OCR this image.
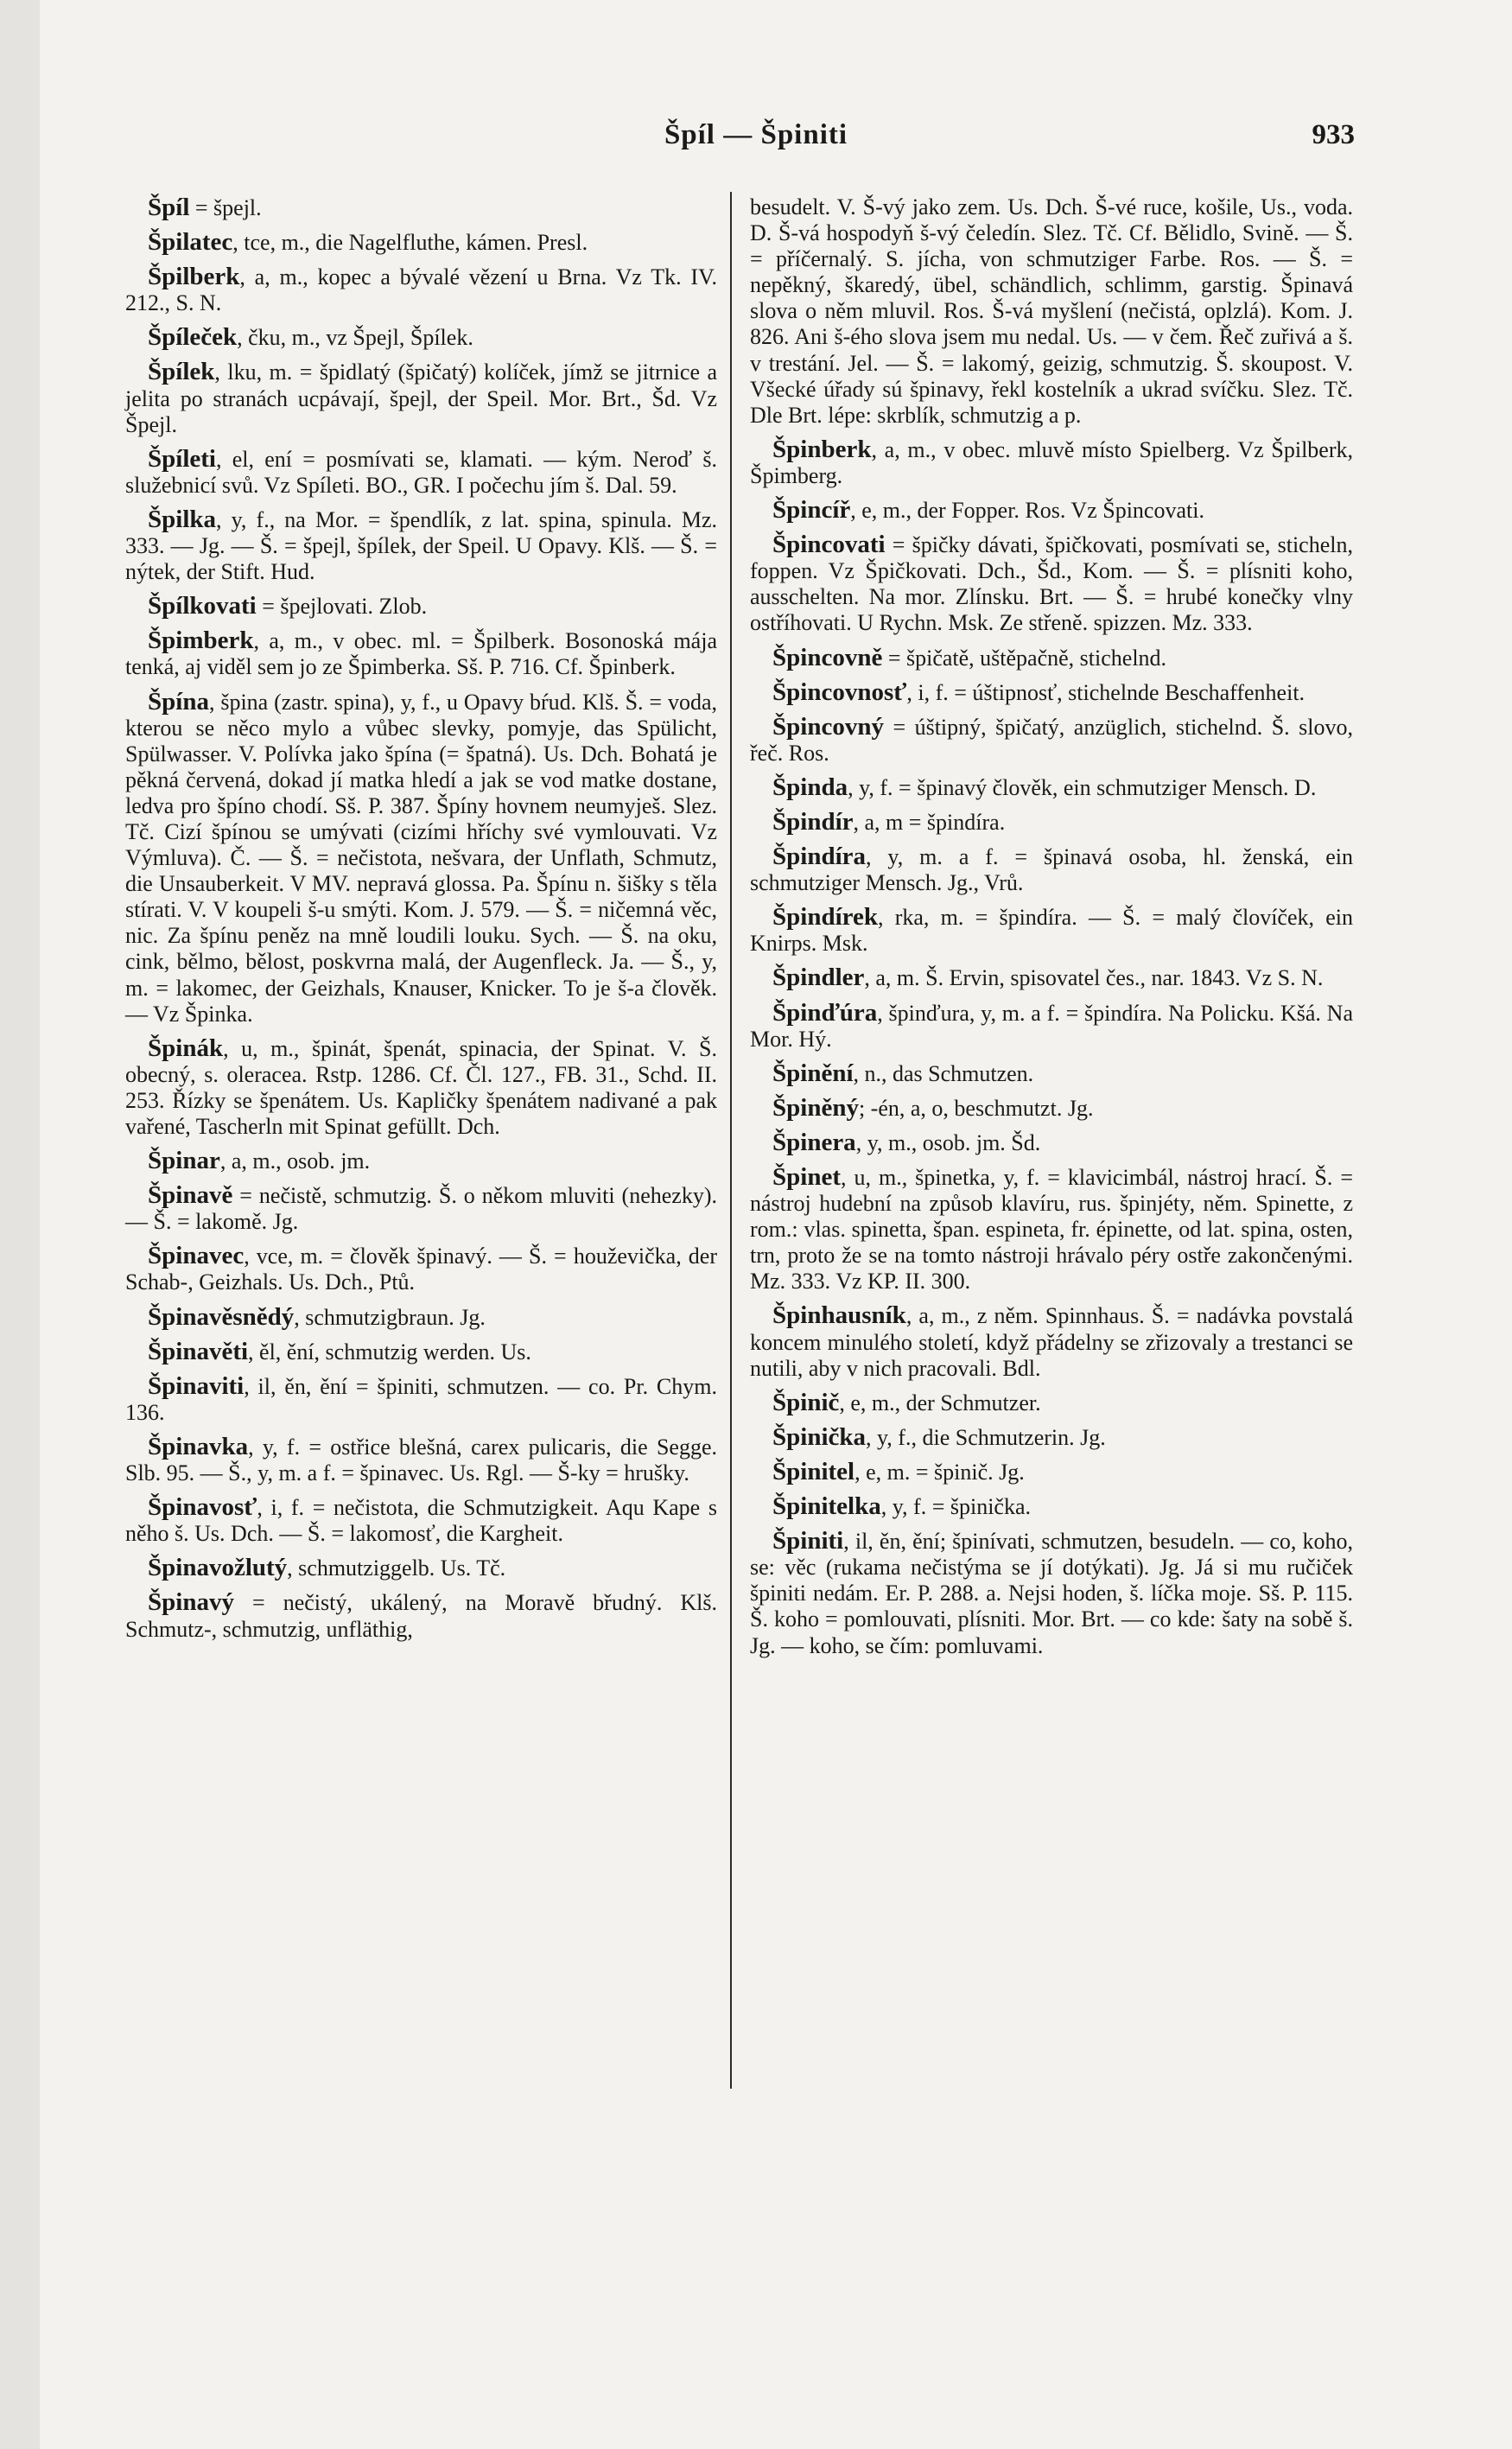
Špíl — Špiniti	933

Špíl = špejl.

Špilatec, tce, m., die Nagelfluthe, kámen. Presl.

Špilberk, a, m., kopec a bývalé vězení u Brna. Vz Tk. IV. 212., S. N.

Špíleček, čku, m., vz Špejl, Špílek.

Špílek, lku, m. = špidlatý (špičatý) kolíček, jímž se jitrnice a jelita po stranách ucpávají, špejl, der Speil. Mor. Brt., Šd. Vz Špejl.

Špíleti, el, ení = posmívati se, klamati. — kým. Neroď š. služebnicí svů. Vz Spíleti. BO., GR. I počechu jím š. Dal. 59.

Špilka, y, f., na Mor. = špendlík, z lat. spina, spinula. Mz. 333. — Jg. — Š. = špejl, špílek, der Speil. U Opavy. Klš. — Š. = nýtek, der Stift. Hud.

Špílkovati = špejlovati. Zlob.

Špimberk, a, m., v obec. ml. = Špilberk. Bosonoská mája tenká, aj viděl sem jo ze Špimberka. Sš. P. 716. Cf. Špinberk.

Špína, špina (zastr. spina), y, f., u Opavy bŕud. Klš. Š. = voda, kterou se něco mylo a vůbec slevky, pomyje, das Spülicht, Spülwasser. V. Polívka jako špína (= špatná). Us. Dch. Bohatá je pěkná červená, dokad jí matka hledí a jak se vod matke dostane, ledva pro špíno chodí. Sš. P. 387. Špíny hovnem neumyješ. Slez. Tč. Cizí špínou se umývati (cizími hříchy své vymlouvati. Vz Výmluva). Č. — Š. = nečistota, nešvara, der Unflath, Schmutz, die Unsauberkeit. V MV. nepravá glossa. Pa. Špínu n. šišky s těla stírati. V. V koupeli š-u smýti. Kom. J. 579. — Š. = ničemná věc, nic. Za špínu peněz na mně loudili louku. Sych. — Š. na oku, cink, bělmo, bělost, poskvrna malá, der Augenfleck. Ja. — Š., y, m. = lakomec, der Geizhals, Knauser, Knicker. To je š-a člověk. — Vz Špinka.

Špinák, u, m., špinát, špenát, spinacia, der Spinat. V. Š. obecný, s. oleracea. Rstp. 1286. Cf. Čl. 127., FB. 31., Schd. II. 253. Řízky se špenátem. Us. Kapličky špenátem nadivané a pak vařené, Tascherln mit Spinat gefüllt. Dch.

Špinar, a, m., osob. jm.

Špinavě = nečistě, schmutzig. Š. o někom mluviti (nehezky). — Š. = lakomě. Jg.

Špinavec, vce, m. = člověk špinavý. — Š. = houževička, der Schab-, Geizhals. Us. Dch., Ptů.

Špinavěsnědý, schmutzigbraun. Jg.

Špinavěti, ěl, ění, schmutzig werden. Us.

Špinaviti, il, ěn, ění = špiniti, schmutzen. — co. Pr. Chym. 136.

Špinavka, y, f. = ostřice blešná, carex pulicaris, die Segge. Slb. 95. — Š., y, m. a f. = špinavec. Us. Rgl. — Š-ky = hrušky.

Špinavosť, i, f. = nečistota, die Schmutzigkeit. Aqu Kape s něho š. Us. Dch. — Š. = lakomosť, die Kargheit.

Špinavožlutý, schmutziggelb. Us. Tč.

Špinavý = nečistý, ukálený, na Moravě břudný. Klš. Schmutz-, schmutzig, unfläthig,

besudelt. V. Š-vý jako zem. Us. Dch. Š-vé ruce, košile, Us., voda. D. Š-vá hospodyň š-vý čeledín. Slez. Tč. Cf. Bělidlo, Svině. — Š. = příčernalý. S. jícha, von schmutziger Farbe. Ros. — Š. = nepěkný, škaredý, übel, schändlich, schlimm, garstig. Špinavá slova o něm mluvil. Ros. Š-vá myšlení (nečistá, oplzlá). Kom. J. 826. Ani š-ého slova jsem mu nedal. Us. — v čem. Řeč zuřivá a š. v trestání. Jel. — Š. = lakomý, geizig, schmutzig. Š. skoupost. V. Všecké úřady sú špinavy, řekl kostelník a ukrad svíčku. Slez. Tč. Dle Brt. lépe: skrblík, schmutzig a p.

Špinberk, a, m., v obec. mluvě místo Spielberg. Vz Špilberk, Špimberg.

Špincíř, e, m., der Fopper. Ros. Vz Špincovati.

Špincovati = špičky dávati, špičkovati, posmívati se, sticheln, foppen. Vz Špičkovati. Dch., Šd., Kom. — Š. = plísniti koho, ausschelten. Na mor. Zlínsku. Brt. — Š. = hrubé konečky vlny ostříhovati. U Rychn. Msk. Ze střeně. spizzen. Mz. 333.

Špincovně = špičatě, uštěpačně, stichelnd.

Špincovnosť, i, f. = úštipnosť, stichelnde Beschaffenheit.

Špincovný = úštipný, špičatý, anzüglich, stichelnd. Š. slovo, řeč. Ros.

Špinda, y, f. = špinavý člověk, ein schmutziger Mensch. D.

Špindír, a, m = špindíra.

Špindíra, y, m. a f. = špinavá osoba, hl. ženská, ein schmutziger Mensch. Jg., Vrů.

Špindírek, rka, m. = špindíra. — Š. = malý človíček, ein Knirps. Msk.

Špindler, a, m. Š. Ervin, spisovatel čes., nar. 1843. Vz S. N.

Špinďúra, špinďura, y, m. a f. = špindíra. Na Policku. Kšá. Na Mor. Hý.

Špinění, n., das Schmutzen.

Špiněný; -én, a, o, beschmutzt. Jg.

Špinera, y, m., osob. jm. Šd.

Špinet, u, m., špinetka, y, f. = klavicimbál, nástroj hrací. Š. = nástroj hudební na způsob klavíru, rus. špinjéty, něm. Spinette, z rom.: vlas. spinetta, špan. espineta, fr. épinette, od lat. spina, osten, trn, proto že se na tomto nástroji hrávalo péry ostře zakončenými. Mz. 333. Vz KP. II. 300.

Špinhausník, a, m., z něm. Spinnhaus. Š. = nadávka povstalá koncem minulého století, když přádelny se zřizovaly a trestanci se nutili, aby v nich pracovali. Bdl.

Špinič, e, m., der Schmutzer.

Špinička, y, f., die Schmutzerin. Jg.

Špinitel, e, m. = špinič. Jg.

Špinitelka, y, f. = špinička.

Špiniti, il, ěn, ění; špinívati, schmutzen, besudeln. — co, koho, se: věc (rukama nečistýma se jí dotýkati). Jg. Já si mu ručiček špiniti nedám. Er. P. 288. a. Nejsi hoden, š. líčka moje. Sš. P. 115. Š. koho = pomlouvati, plísniti. Mor. Brt. — co kde: šaty na sobě š. Jg. — koho, se čím: pomluvami.
